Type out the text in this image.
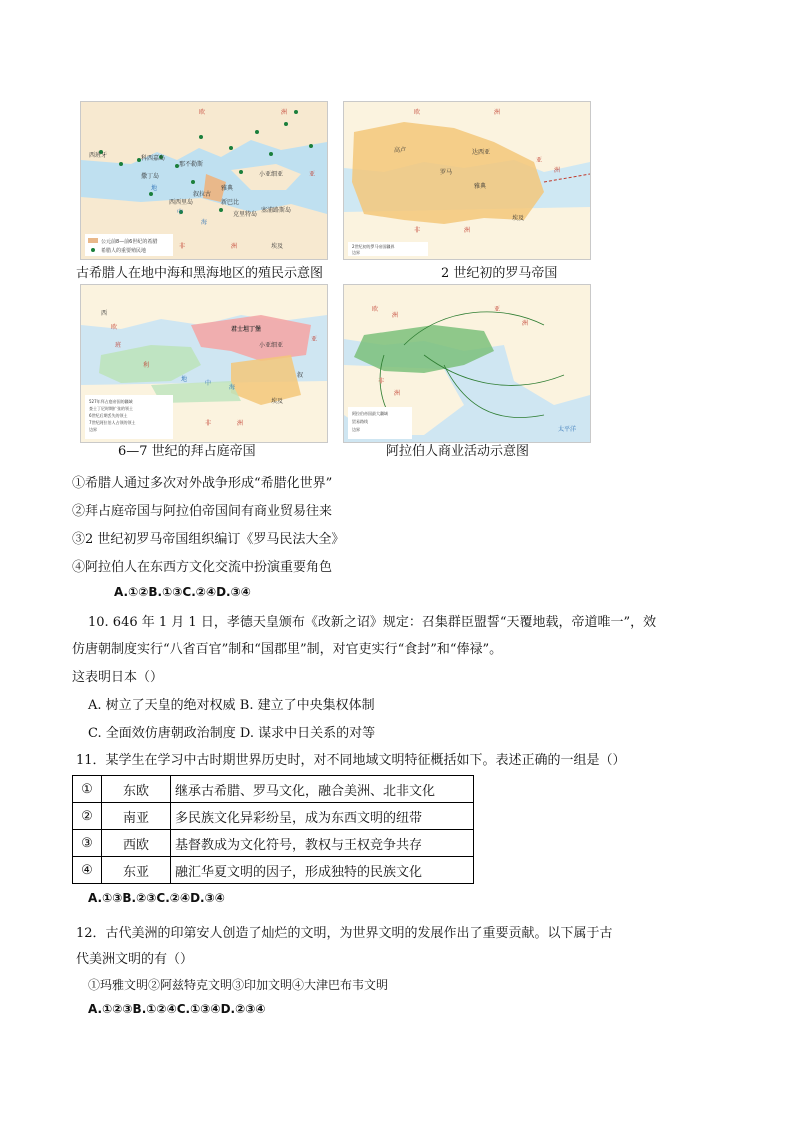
欧	洲
西班牙	科西嘉岛
那不勒斯
撒丁岛
叙拉古
西西里岛
雅典
新巴比
小亚细亚
克里特岛
塞浦路斯岛
地
中
海
非	洲	埃及
亚
公元前8—前6世纪的希腊
希腊人的重要殖民地
古希腊人在地中海和黑海地区的殖民示意图
欧	洲
高卢
罗马
雅典
达西亚
亚
洲
埃及
非	洲
2世纪初的罗马帝国疆界
边界
2 世纪初的罗马帝国
西
欧
班
利
君士坦丁堡
小亚细亚
亚
叙
地
中
海
埃及
非	洲
527年拜占庭帝国的疆域
查士丁尼时期扩张的领土
6世纪后期丢失的领土
7世纪阿拉伯人占领的领土
边界
6—7 世纪的拜占庭帝国
欧
洲
亚
洲
非
洲
太平洋
阿拉伯帝国最大疆域
贸易路线
边界
阿拉伯人商业活动示意图
①希腊人通过多次对外战争形成“希腊化世界”
②拜占庭帝国与阿拉伯帝国间有商业贸易往来
③2 世纪初罗马帝国组织编订《罗马民法大全》
④阿拉伯人在东西方文化交流中扮演重要角色
A.①②B.①③C.②④D.③④
10. 646 年 1 月 1 日，孝德天皇颁布《改新之诏》规定：召集群臣盟誓“天覆地载，帝道唯一”，效
仿唐朝制度实行“八省百官”制和“国郡里”制，对官吏实行“食封”和“俸禄”。
这表明日本（）
A. 树立了天皇的绝对权威 B. 建立了中央集权体制
C. 全面效仿唐朝政治制度 D. 谋求中日关系的对等
11．某学生在学习中古时期世界历史时，对不同地域文明特征概括如下。表述正确的一组是（）
①	东欧	继承古希腊、罗马文化，融合美洲、北非文化
②	南亚	多民族文化异彩纷呈，成为东西文明的纽带
③	西欧	基督教成为文化符号，教权与王权竞争共存
④	东亚	融汇华夏文明的因子，形成独特的民族文化
A.①③B.②③C.②④D.③④
12．古代美洲的印第安人创造了灿烂的文明，为世界文明的发展作出了重要贡献。以下属于古
代美洲文明的有（）
①玛雅文明②阿兹特克文明③印加文明④大津巴布韦文明
A.①②③B.①②④C.①③④D.②③④
